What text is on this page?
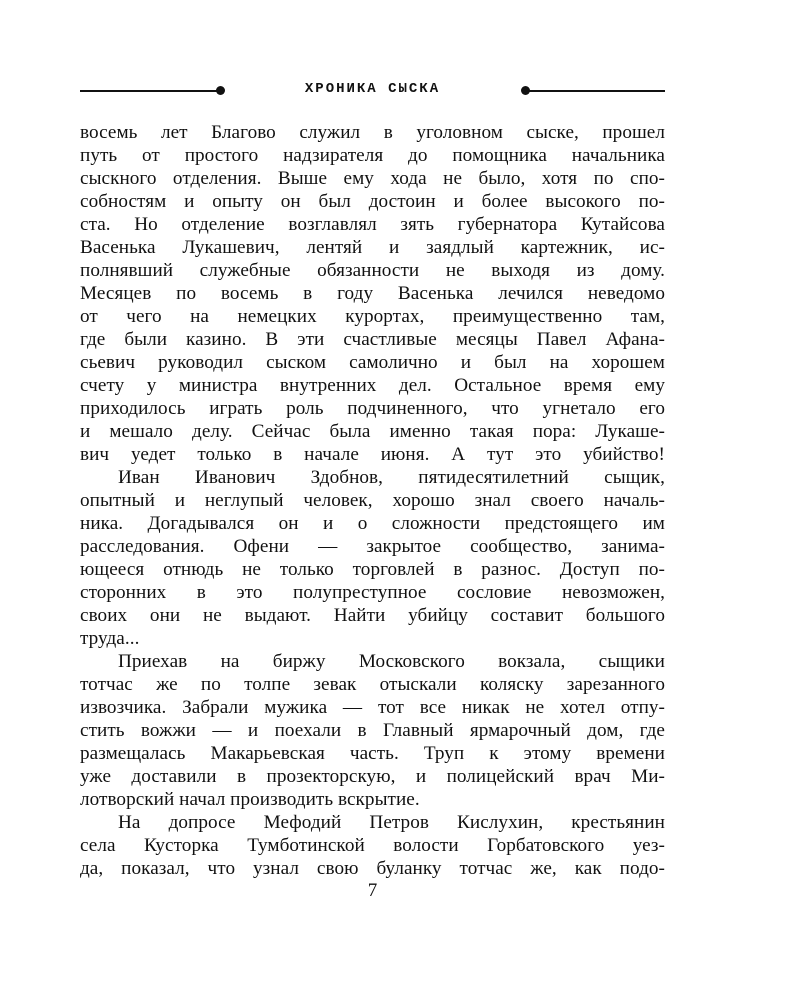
ХРОНИКА СЫСКА
восемь лет Благово служил в уголовном сыске, прошел
путь от простого надзирателя до помощника начальника
сыскного отделения. Выше ему хода не было, хотя по спо-
собностям и опыту он был достоин и более высокого по-
ста. Но отделение возглавлял зять губернатора Кутайсова
Васенька Лукашевич, лентяй и заядлый картежник, ис-
полнявший служебные обязанности не выходя из дому.
Месяцев по восемь в году Васенька лечился неведомо
от чего на немецких курортах, преимущественно там,
где были казино. В эти счастливые месяцы Павел Афана-
сьевич руководил сыском самолично и был на хорошем
счету у министра внутренних дел. Остальное время ему
приходилось играть роль подчиненного, что угнетало его
и мешало делу. Сейчас была именно такая пора: Лукаше-
вич уедет только в начале июня. А тут это убийство!
Иван Иванович Здобнов, пятидесятилетний сыщик,
опытный и неглупый человек, хорошо знал своего началь-
ника. Догадывался он и о сложности предстоящего им
расследования. Офени — закрытое сообщество, занима-
ющееся отнюдь не только торговлей в разнос. Доступ по-
сторонних в это полупреступное сословие невозможен,
своих они не выдают. Найти убийцу составит большого
труда...
Приехав на биржу Московского вокзала, сыщики
тотчас же по толпе зевак отыскали коляску зарезанного
извозчика. Забрали мужика — тот все никак не хотел отпу-
стить вожжи — и поехали в Главный ярмарочный дом, где
размещалась Макарьевская часть. Труп к этому времени
уже доставили в прозекторскую, и полицейский врач Ми-
лотворский начал производить вскрытие.
На допросе Мефодий Петров Кислухин, крестьянин
села Кусторка Тумботинской волости Горбатовского уез-
да, показал, что узнал свою буланку тотчас же, как подо-
7
